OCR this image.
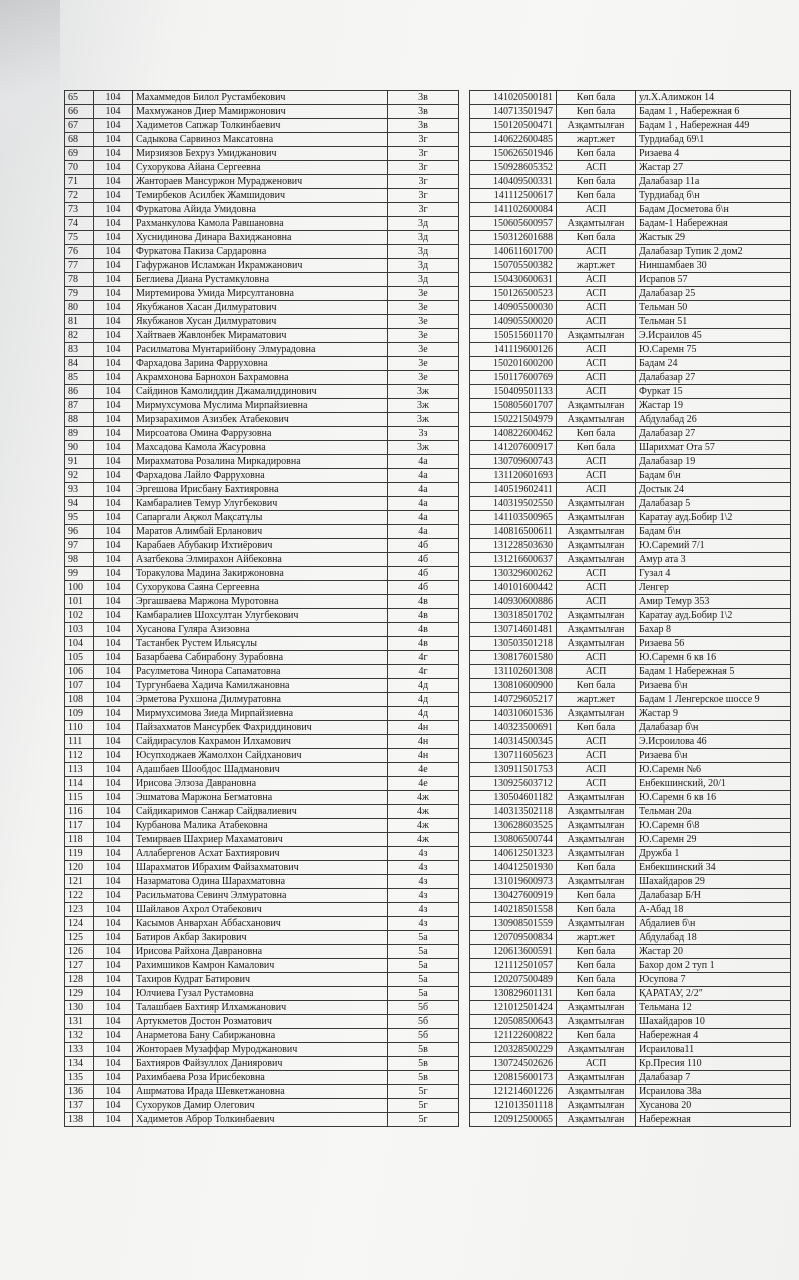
65	104	Махаммедов Билол Рустамбекович	3в		141020500181	Көп бала	ул.Х.Алимжон 14
66	104	Махмужанов Диер Мамиржонович	3в		140713501947	Көп бала	Бадам 1 , Набережная 6
67	104	Хадиметов Сапжар Толкинбаевич	3в		150120500471	Азқамтылған	Бадам 1 , Набережная 449
68	104	Садыкова Сарвиноз Максатовна	3г		140622600485	жарт.жет	Турдиабад 69\1
69	104	Мирзиязов Бехруз Умиджанович	3г		150626501946	Көп бала	Ризаева 4
70	104	Сухорукова Айана Сергеевна	3г		150928605352	АСП	Жастар 27
71	104	Жантораев Мансуржон Мурадженович	3г		140409500331	Көп бала	Далабазар 11а
72	104	Темирбеков Асилбек Жамшидович	3г		141112500617	Көп бала	Турдиабад б\н
73	104	Фуркатова Айида Умидовна	3г		141102600084	АСП	Бадам Досметова б\н
74	104	Рахманкулова Камола Равшановна	3д		150605600957	Азқамтылған	Бадам-1 Набережная
75	104	Хуснидинова Динара Вахиджановна	3д		150312601688	Көп бала	Жастык 29
76	104	Фуркатова Пакиза Сардаровна	3д		140611601700	АСП	Далабазар Тупик 2 дом2
77	104	Гафуржанов Исламжан Икрамжанович	3д		150705500382	жарт.жет	Ниншамбаев 30
78	104	Беглиева Диана Рустамкуловна	3д		150430600631	АСП	Исрапов 57
79	104	Миртемирова Умида Мирсултановна	3е		150126500523	АСП	Далабазар 25
80	104	Якубжанов Хасан Дилмуратович	3е		140905500030	АСП	Тельман 50
81	104	Якубжанов Хусан Дилмуратович	3е		140905500020	АСП	Тельман 51
82	104	Хайтваев Жавлонбек Мираматович	3е		150515601170	Азқамтылған	Э.Исраилов 45
83	104	Расилматова Мунтарийбону Элмурадовна	3е		141119600126	АСП	Ю.Саремн 75
84	104	Фархадова Зарина Фарруховна	3е		150201600200	АСП	Бадам 24
85	104	Акрамхонова Барнохон Бахрамовна	3е		150117600769	АСП	Далабазар 27
86	104	Сайдинов Камолиддин Джамалиддинович	3ж		150409501133	АСП	Фуркат 15
87	104	Мирмухсумова Муслима Мирпайзиевна	3ж		150805601707	Азқамтылған	Жастар 19
88	104	Мирзарахимов Азизбек Атабекович	3ж		150221504979	Азқамтылған	Абдулабад 26
89	104	Мирсоатова Омина Фаррузовна	3з		140822600462	Көп бала	Далабазар 27
90	104	Махсадова Камола Жасуровна	3ж		141207600917	Көп бала	Шарихмат Ота 57
91	104	Мирахматова Розалина Миркадировна	4а		130709600743	АСП	Далабазар 19
92	104	Фархадова Лайло Фарруховна	4а		131120601693	АСП	Бадам б\н
93	104	Эргешова Ирисбану Бахтияровна	4а		140519602411	АСП	Достык 24
94	104	Камбаралиев Темур Улугбекович	4а		140319502550	Азқамтылған	Далабазар 5
95	104	Сапаргали Ақжол Мақсатұлы	4а		141103500965	Азқамтылған	Каратау ауд.Бобир 1\2
96	104	Маратов Алимбай Ерланович	4а		140816500611	Азқамтылған	Бадам б\н
97	104	Карабаев Абубакир Ихтиёрович	4б		131228503630	Азқамтылған	Ю.Саремий 7/1
98	104	Азатбекова Элмирахон Айбековна	4б		131216600637	Азқамтылған	Амур ата 3
99	104	Торакулова Мадина Закиржоновна	4б		130329600262	АСП	Гузал 4
100	104	Сухорукова Саяна Сергеевна	4б		140101600442	АСП	Ленгер
101	104	Эргашваева Маржона Муротовна	4в		140930600886	АСП	Амир Темур 353
102	104	Камбаралиев Шохсултан Улугбекович	4в		130318501702	Азқамтылған	Каратау ауд.Бобир 1\2
103	104	Хусанова Гуляра Азизовна	4в		130714601481	Азқамтылған	Бахар 8
104	104	Тастанбек Рустем Ильясұлы	4в		130503501218	Азқамтылған	Ризаева 56
105	104	Базарбаева Сабирабону Зурабовна	4г		130817601580	АСП	Ю.Саремн 6 кв 16
106	104	Расулметова Чинора Сапаматовна	4г		131102601308	АСП	Бадам 1 Набережная 5
107	104	Тургунбаева Хадича Камилжановна	4д		130810600900	Көп бала	Ризаева б\н
108	104	Эрметова Рухшона Дилмуратовна	4д		140729605217	жарт.жет	Бадам 1 Ленгерское шоссе 9
109	104	Мирмухсимова Зиеда Мирпайзиевна	4д		140310601536	Азқамтылған	Жастар 9
110	104	Пайзахматов Мансурбек Фахриддинович	4н		140323500691	Көп бала	Далабазар б\н
111	104	Сайдирасулов Кахрамон Илхамович	4н		140314500345	АСП	Э.Исроилова 46
112	104	Юсупходжаев Жамолхон Сайдханович	4н		130711605623	АСП	Ризаева б\н
113	104	Адашбаев Шообдос Шадманович	4е		130911501753	АСП	Ю.Саремн №6
114	104	Ирисова Элзоза Даврановна	4е		130925603712	АСП	Енбекшинский, 20/1
115	104	Эшматова Маржона Бегматовна	4ж		130504601182	Азқамтылған	Ю.Саремн 6 кв 16
116	104	Сайдикаримов Санжар Сайдвалиевич	4ж		140313502118	Азқамтылған	Тельман 20а
117	104	Курбанова Малика Атабековна	4ж		130628603525	Азқамтылған	Ю.Саремн б\8
118	104	Темирваев Шахриер Махаматович	4ж		130806500744	Азқамтылған	Ю.Саремн 29
119	104	Аллабергенов Асхат Бахтиярович	4з		140612501323	Азқамтылған	Дружба 1
120	104	Шарахматов Ибрахим Файзахматович	4з		140412501930	Көп бала	Енбекшинский 34
121	104	Назарматова Одина Шарахматовна	4з		131019600973	Азқамтылған	Шахайдаров 29
122	104	Расильматова Севинч Элмуратовна	4з		130427600919	Көп бала	Далабазар Б/Н
123	104	Шайлавов Ахрол Отабекович	4з		140218501558	Көп бала	А-Абад 18
124	104	Касымов Анвархан Аббасханович	4з		130908501559	Азқамтылған	Абдалиев б\н
125	104	Батиров Акбар Закирович	5а		120709500834	жарт.жет	Абдулабад 18
126	104	Ирисова Райхона Даврановна	5а		120613600591	Көп бала	Жастар 20
127	104	Рахимшиков Камрон Камалович	5а		121112501057	Көп бала	Бахор дом 2 туп 1
128	104	Тахиров Кудрат Батирович	5а		120207500489	Көп бала	Юсупова 7
129	104	Юлчиева Гузал Рустамовна	5а		130829601131	Көп бала	ҚАРАТАУ, 2/2"
130	104	Талашбаев Бахтияр Илхамжанович	5б		121012501424	Азқамтылған	Тельмана 12
131	104	Артукметов Достон Розматович	5б		120508500643	Азқамтылған	Шахайдаров 10
132	104	Анарметова Бану Сабиржановна	5б		121122600822	Көп бала	Набережная 4
133	104	Жонтораев Музаффар Муроджанович	5в		120328500229	Азқамтылған	Исраилова11
134	104	Бахтияров Файзуллох Даниярович	5в		130724502626	АСП	Кр.Пресия 110
135	104	Рахимбаева Роза Ирисбековна	5в		120815600173	Азқамтылған	Далабазар 7
136	104	Ашрматова Ирада Шевкетжановна	5г		121214601226	Азқамтылған	Исраилова 38а
137	104	Сухоруков Дамир Олегович	5г		121013501118	Азқамтылған	Хусанова 20
138	104	Хадиметов Аброр Толкинбаевич	5г		120912500065	Азқамтылған	Набережная
